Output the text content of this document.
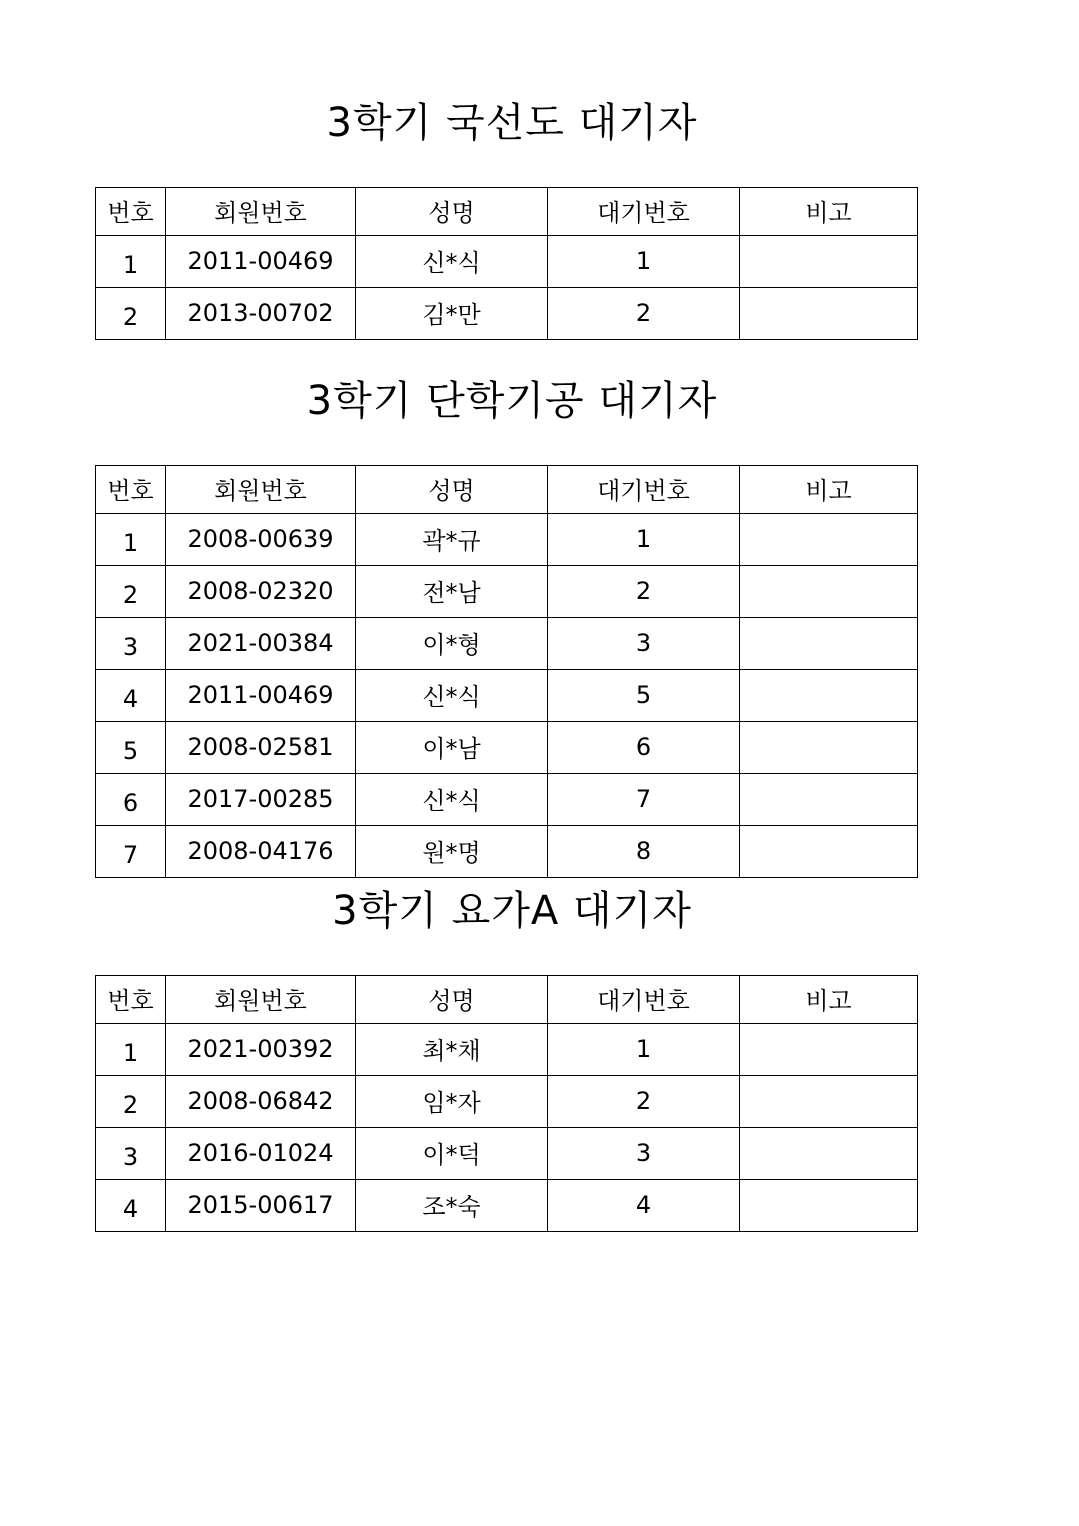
3학기 국선도 대기자
번호	회원번호	성명	대기번호	비고
1	2011-00469	신*식	1	
2	2013-00702	김*만	2	
3학기 단학기공 대기자
번호	회원번호	성명	대기번호	비고
1	2008-00639	곽*규	1	
2	2008-02320	전*남	2	
3	2021-00384	이*형	3	
4	2011-00469	신*식	5	
5	2008-02581	이*남	6	
6	2017-00285	신*식	7	
7	2008-04176	원*명	8	
3학기 요가A 대기자
번호	회원번호	성명	대기번호	비고
1	2021-00392	최*채	1	
2	2008-06842	임*자	2	
3	2016-01024	이*덕	3	
4	2015-00617	조*숙	4	
